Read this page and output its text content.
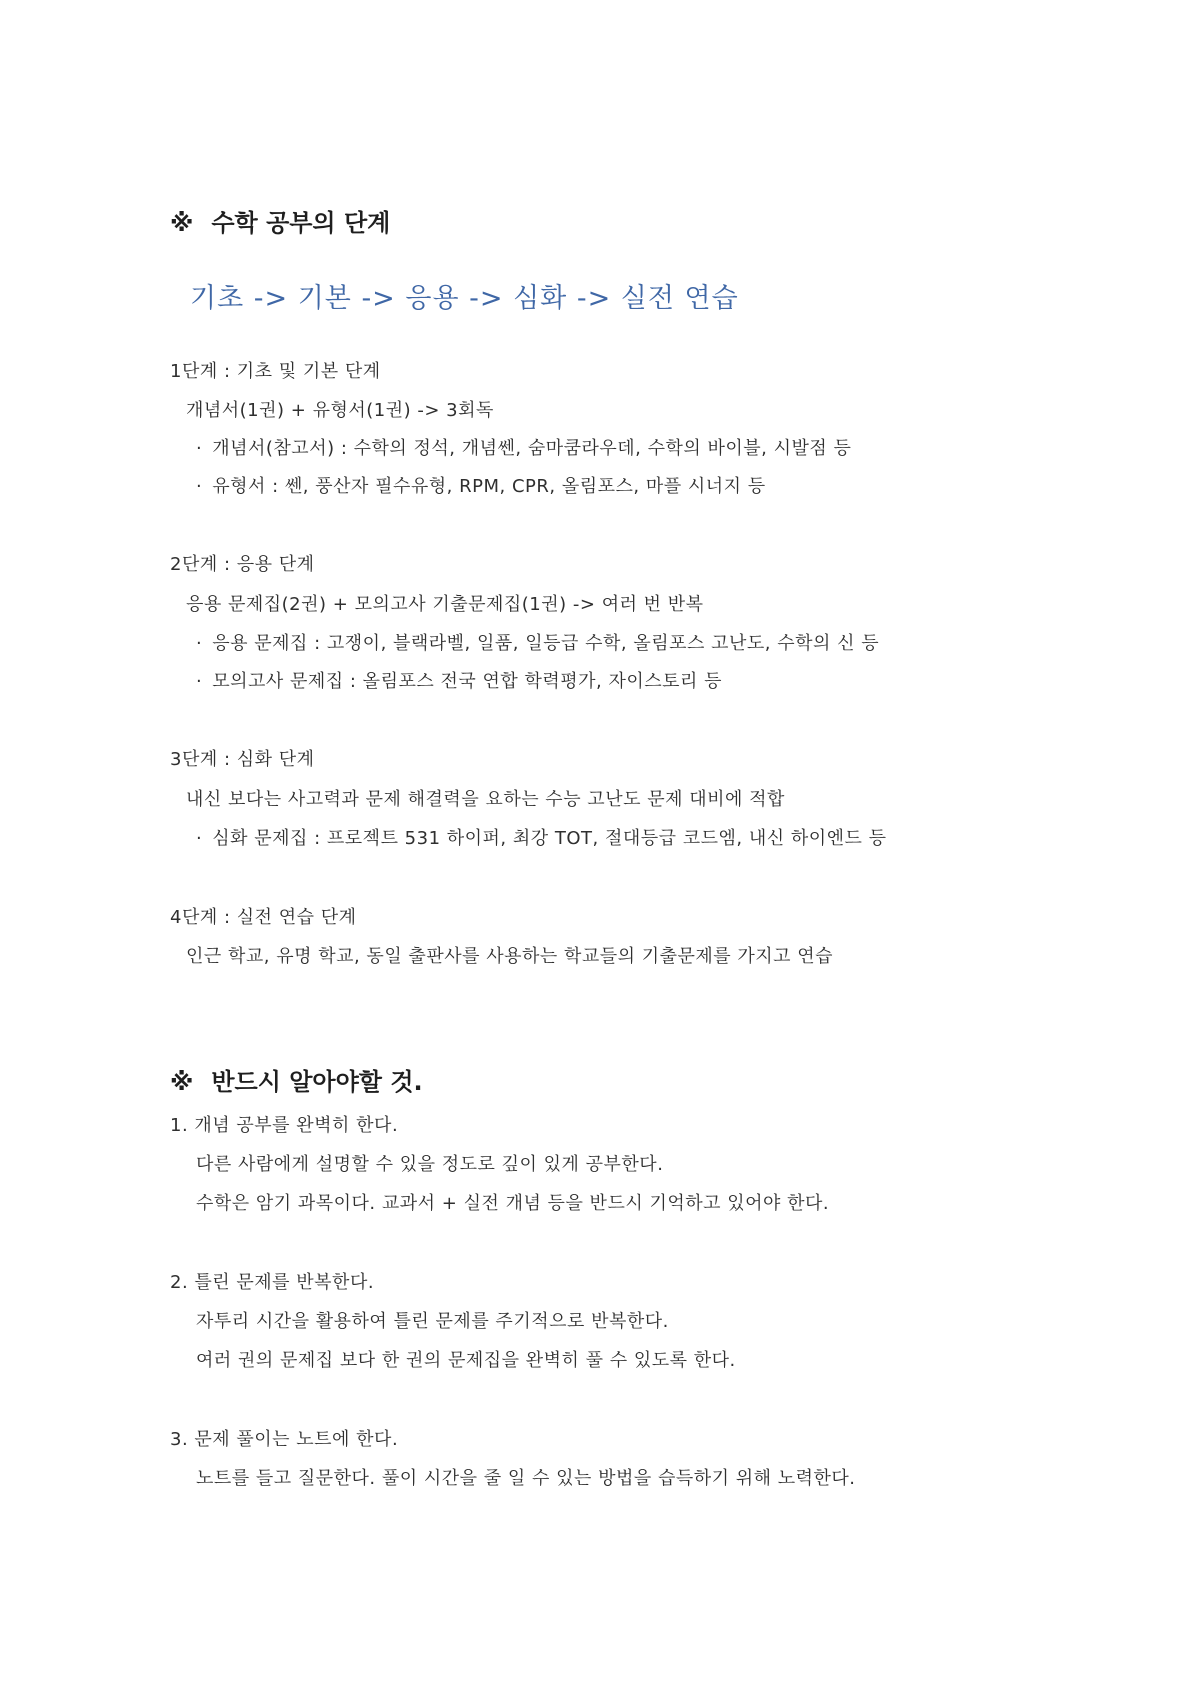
※ 수학 공부의 단계
기초 -> 기본 -> 응용 -> 심화 -> 실전 연습
1단계 : 기초 및 기본 단계
개념서(1권) + 유형서(1권) -> 3회독
· 개념서(참고서) : 수학의 정석, 개념쎈, 숨마쿰라우데, 수학의 바이블, 시발점 등
· 유형서 : 쎈, 풍산자 필수유형, RPM, CPR, 올림포스, 마플 시너지 등
2단계 : 응용 단계
응용 문제집(2권) + 모의고사 기출문제집(1권) -> 여러 번 반복
· 응용 문제집 : 고쟁이, 블랙라벨, 일품, 일등급 수학, 올림포스 고난도, 수학의 신 등
· 모의고사 문제집 : 올림포스 전국 연합 학력평가, 자이스토리 등
3단계 : 심화 단계
내신 보다는 사고력과 문제 해결력을 요하는 수능 고난도 문제 대비에 적합
· 심화 문제집 : 프로젝트 531 하이퍼, 최강 TOT, 절대등급 코드엠, 내신 하이엔드 등
4단계 : 실전 연습 단계
인근 학교, 유명 학교, 동일 출판사를 사용하는 학교들의 기출문제를 가지고 연습
※ 반드시 알아야할 것.
1. 개념 공부를 완벽히 한다.
다른 사람에게 설명할 수 있을 정도로 깊이 있게 공부한다.
수학은 암기 과목이다. 교과서 + 실전 개념 등을 반드시 기억하고 있어야 한다.
2. 틀린 문제를 반복한다.
자투리 시간을 활용하여 틀린 문제를 주기적으로 반복한다.
여러 권의 문제집 보다 한 권의 문제집을 완벽히 풀 수 있도록 한다.
3. 문제 풀이는 노트에 한다.
노트를 들고 질문한다. 풀이 시간을 줄 일 수 있는 방법을 습득하기 위해 노력한다.
